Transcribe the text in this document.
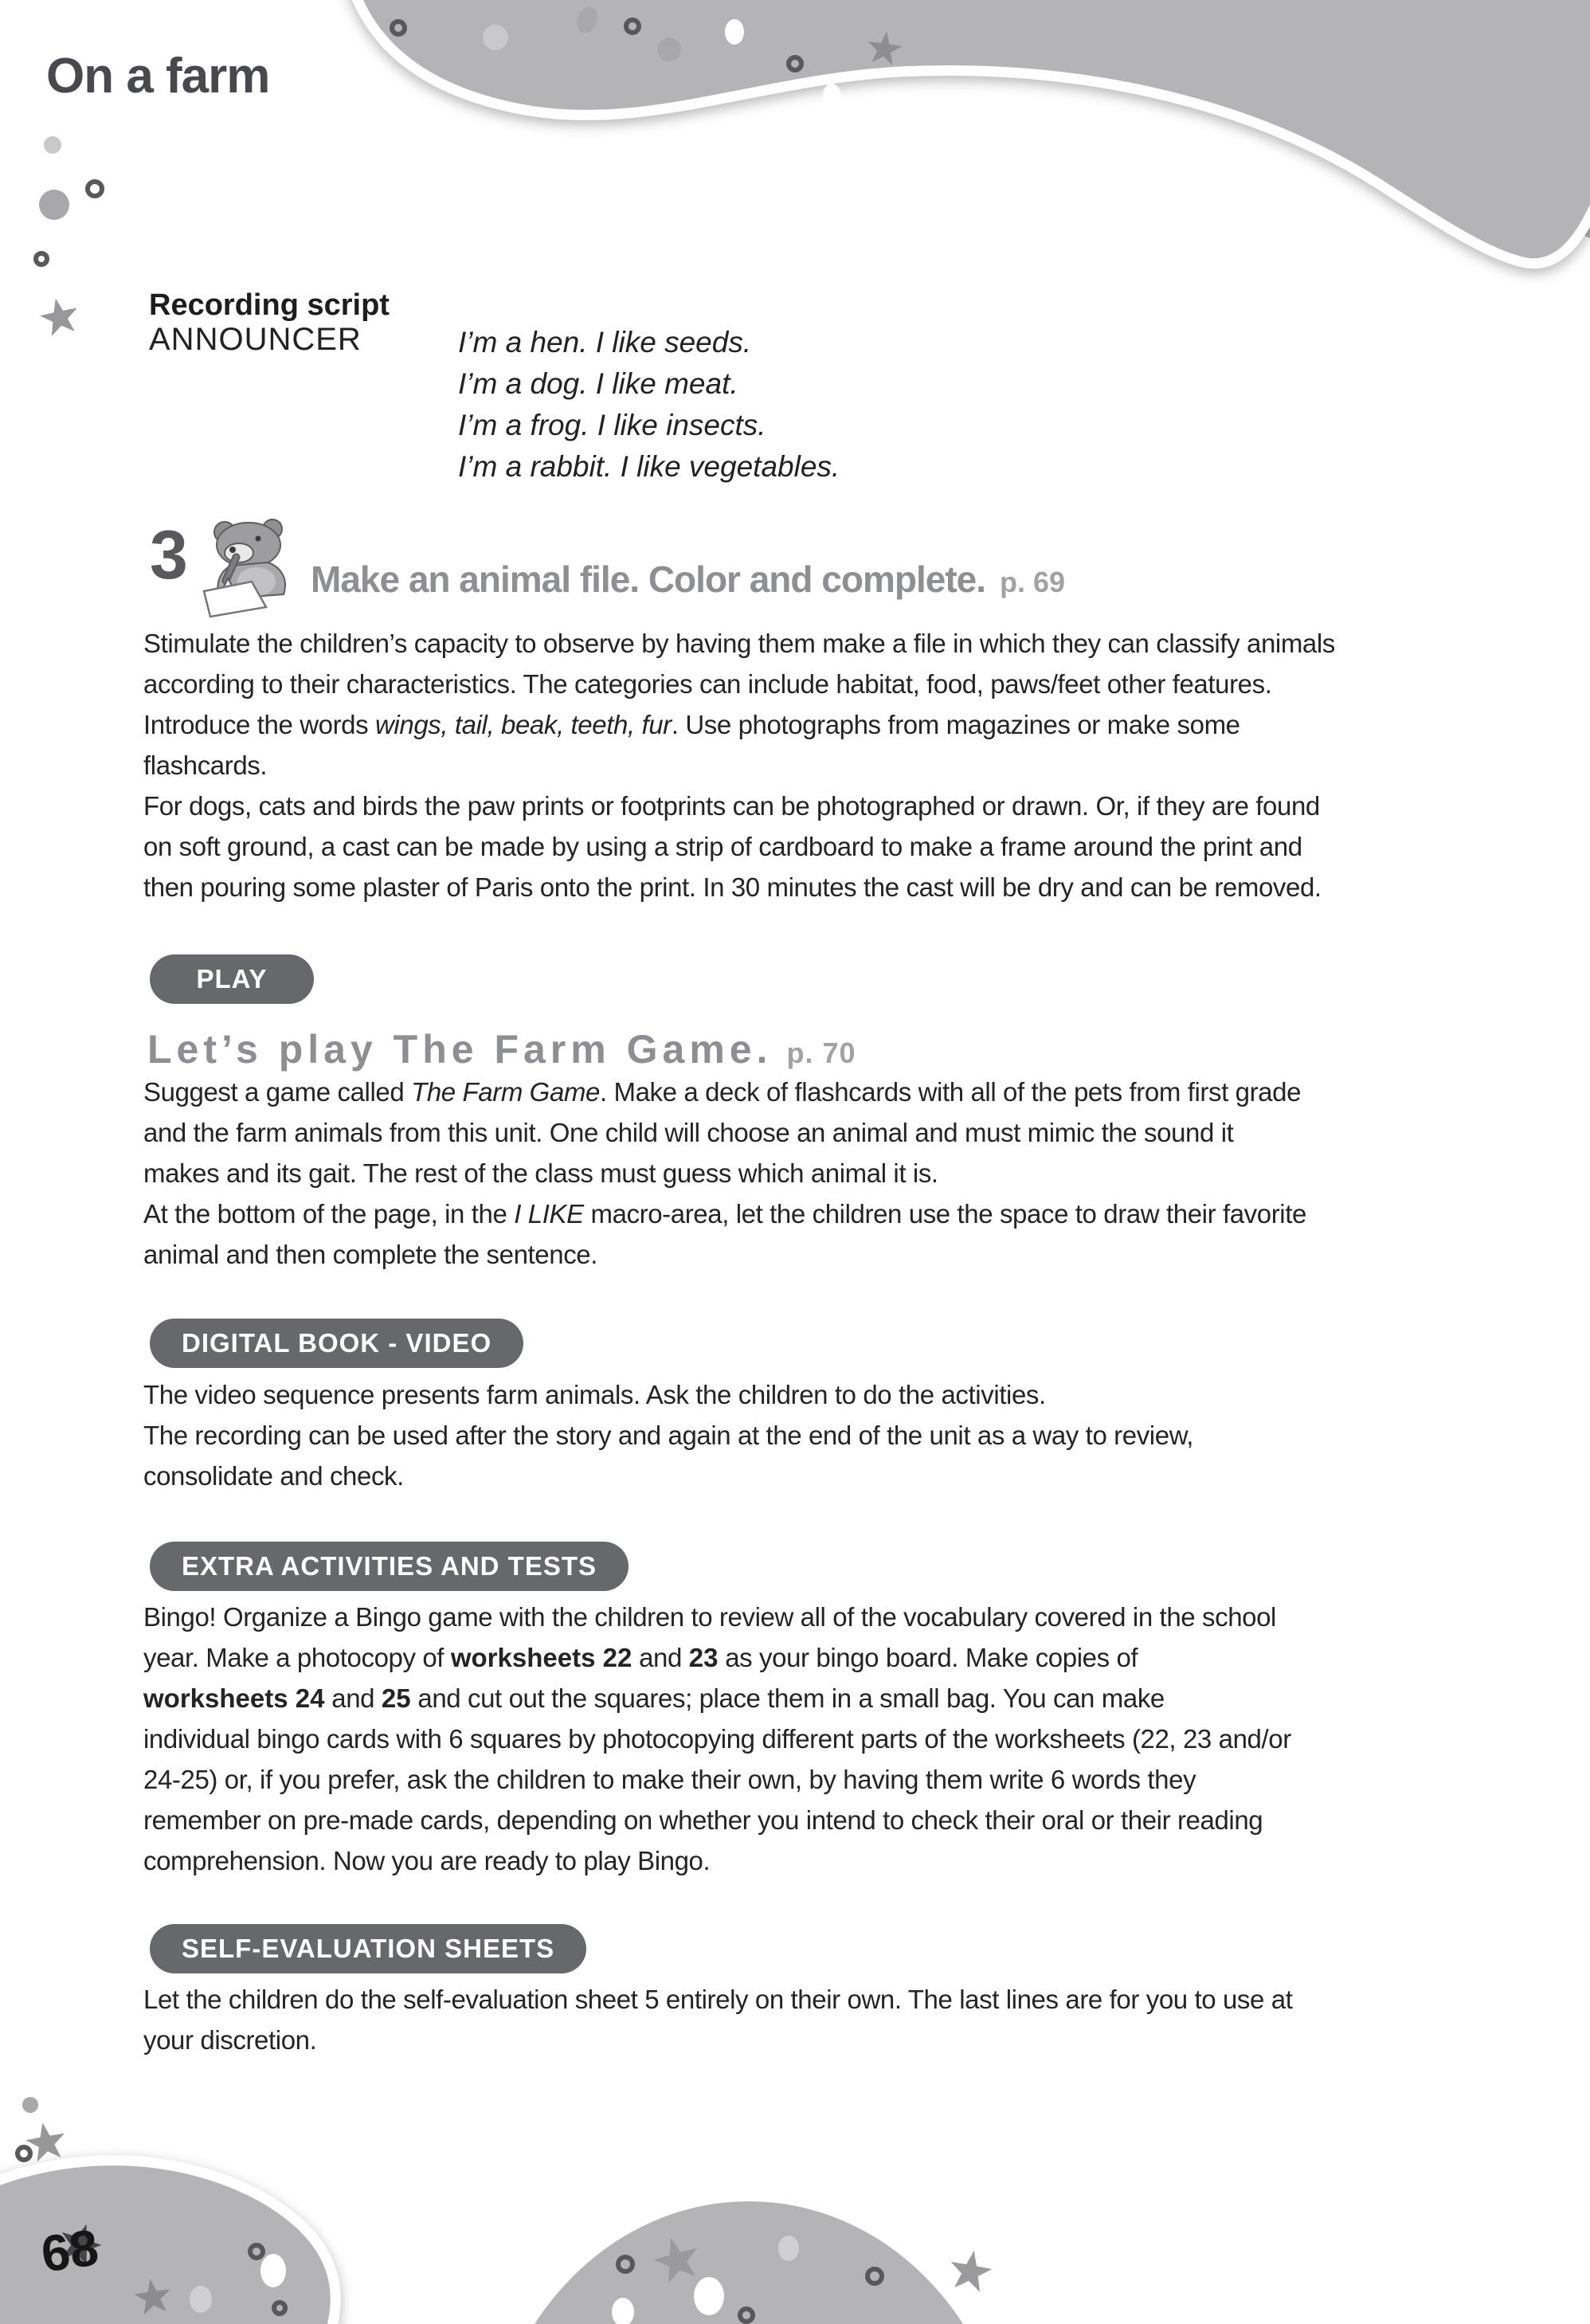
On a farm
Recording script
ANNOUNCER	I’m a hen. I like seeds.
I’m a dog. I like meat.
I’m a frog. I like insects.
I’m a rabbit. I like vegetables.
3	Make an animal file. Color and complete. p. 69
Stimulate the children’s capacity to observe by having them make a file in which they can classify animals
according to their characteristics. The categories can include habitat, food, paws/feet other features.
Introduce the words wings, tail, beak, teeth, fur. Use photographs from magazines or make some
flashcards.
For dogs, cats and birds the paw prints or footprints can be photographed or drawn. Or, if they are found
on soft ground, a cast can be made by using a strip of cardboard to make a frame around the print and
then pouring some plaster of Paris onto the print. In 30 minutes the cast will be dry and can be removed.
PLAY
Let’s play The Farm Game. p. 70
Suggest a game called The Farm Game. Make a deck of flashcards with all of the pets from first grade
and the farm animals from this unit. One child will choose an animal and must mimic the sound it
makes and its gait. The rest of the class must guess which animal it is.
At the bottom of the page, in the I LIKE macro-area, let the children use the space to draw their favorite
animal and then complete the sentence.
DIGITAL BOOK - VIDEO
The video sequence presents farm animals. Ask the children to do the activities.
The recording can be used after the story and again at the end of the unit as a way to review,
consolidate and check.
EXTRA ACTIVITIES AND TESTS
Bingo! Organize a Bingo game with the children to review all of the vocabulary covered in the school
year. Make a photocopy of worksheets 22 and 23 as your bingo board. Make copies of
worksheets 24 and 25 and cut out the squares; place them in a small bag. You can make
individual bingo cards with 6 squares by photocopying different parts of the worksheets (22, 23 and/or
24-25) or, if you prefer, ask the children to make their own, by having them write 6 words they
remember on pre-made cards, depending on whether you intend to check their oral or their reading
comprehension. Now you are ready to play Bingo.
SELF-EVALUATION SHEETS
Let the children do the self-evaluation sheet 5 entirely on their own. The last lines are for you to use at
your discretion.
68
